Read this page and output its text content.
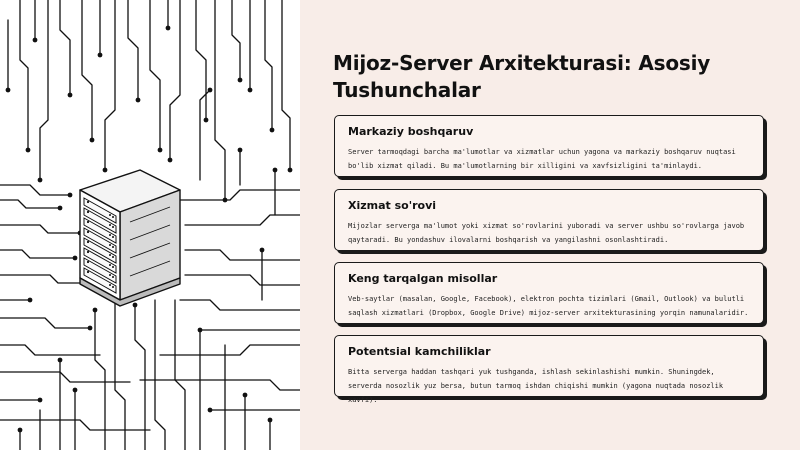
Mijoz-Server Arxitekturasi: Asosiy Tushunchalar
Markaziy boshqaruv
Server tarmoqdagi barcha ma'lumotlar va xizmatlar uchun yagona va markaziy boshqaruv nuqtasi bo'lib xizmat qiladi. Bu ma'lumotlarning bir xilligini va xavfsizligini ta'minlaydi.
Xizmat so'rovi
Mijozlar serverga ma'lumot yoki xizmat so'rovlarini yuboradi va server ushbu so'rovlarga javob qaytaradi. Bu yondashuv ilovalarni boshqarish va yangilashni osonlashtiradi.
Keng tarqalgan misollar
Veb-saytlar (masalan, Google, Facebook), elektron pochta tizimlari (Gmail, Outlook) va bulutli saqlash xizmatlari (Dropbox, Google Drive) mijoz-server arxitekturasining yorqin namunalaridir.
Potentsial kamchiliklar
Bitta serverga haddan tashqari yuk tushganda, ishlash sekinlashishi mumkin. Shuningdek, serverda nosozlik yuz bersa, butun tarmoq ishdan chiqishi mumkin (yagona nuqtada nosozlik xavfi).
